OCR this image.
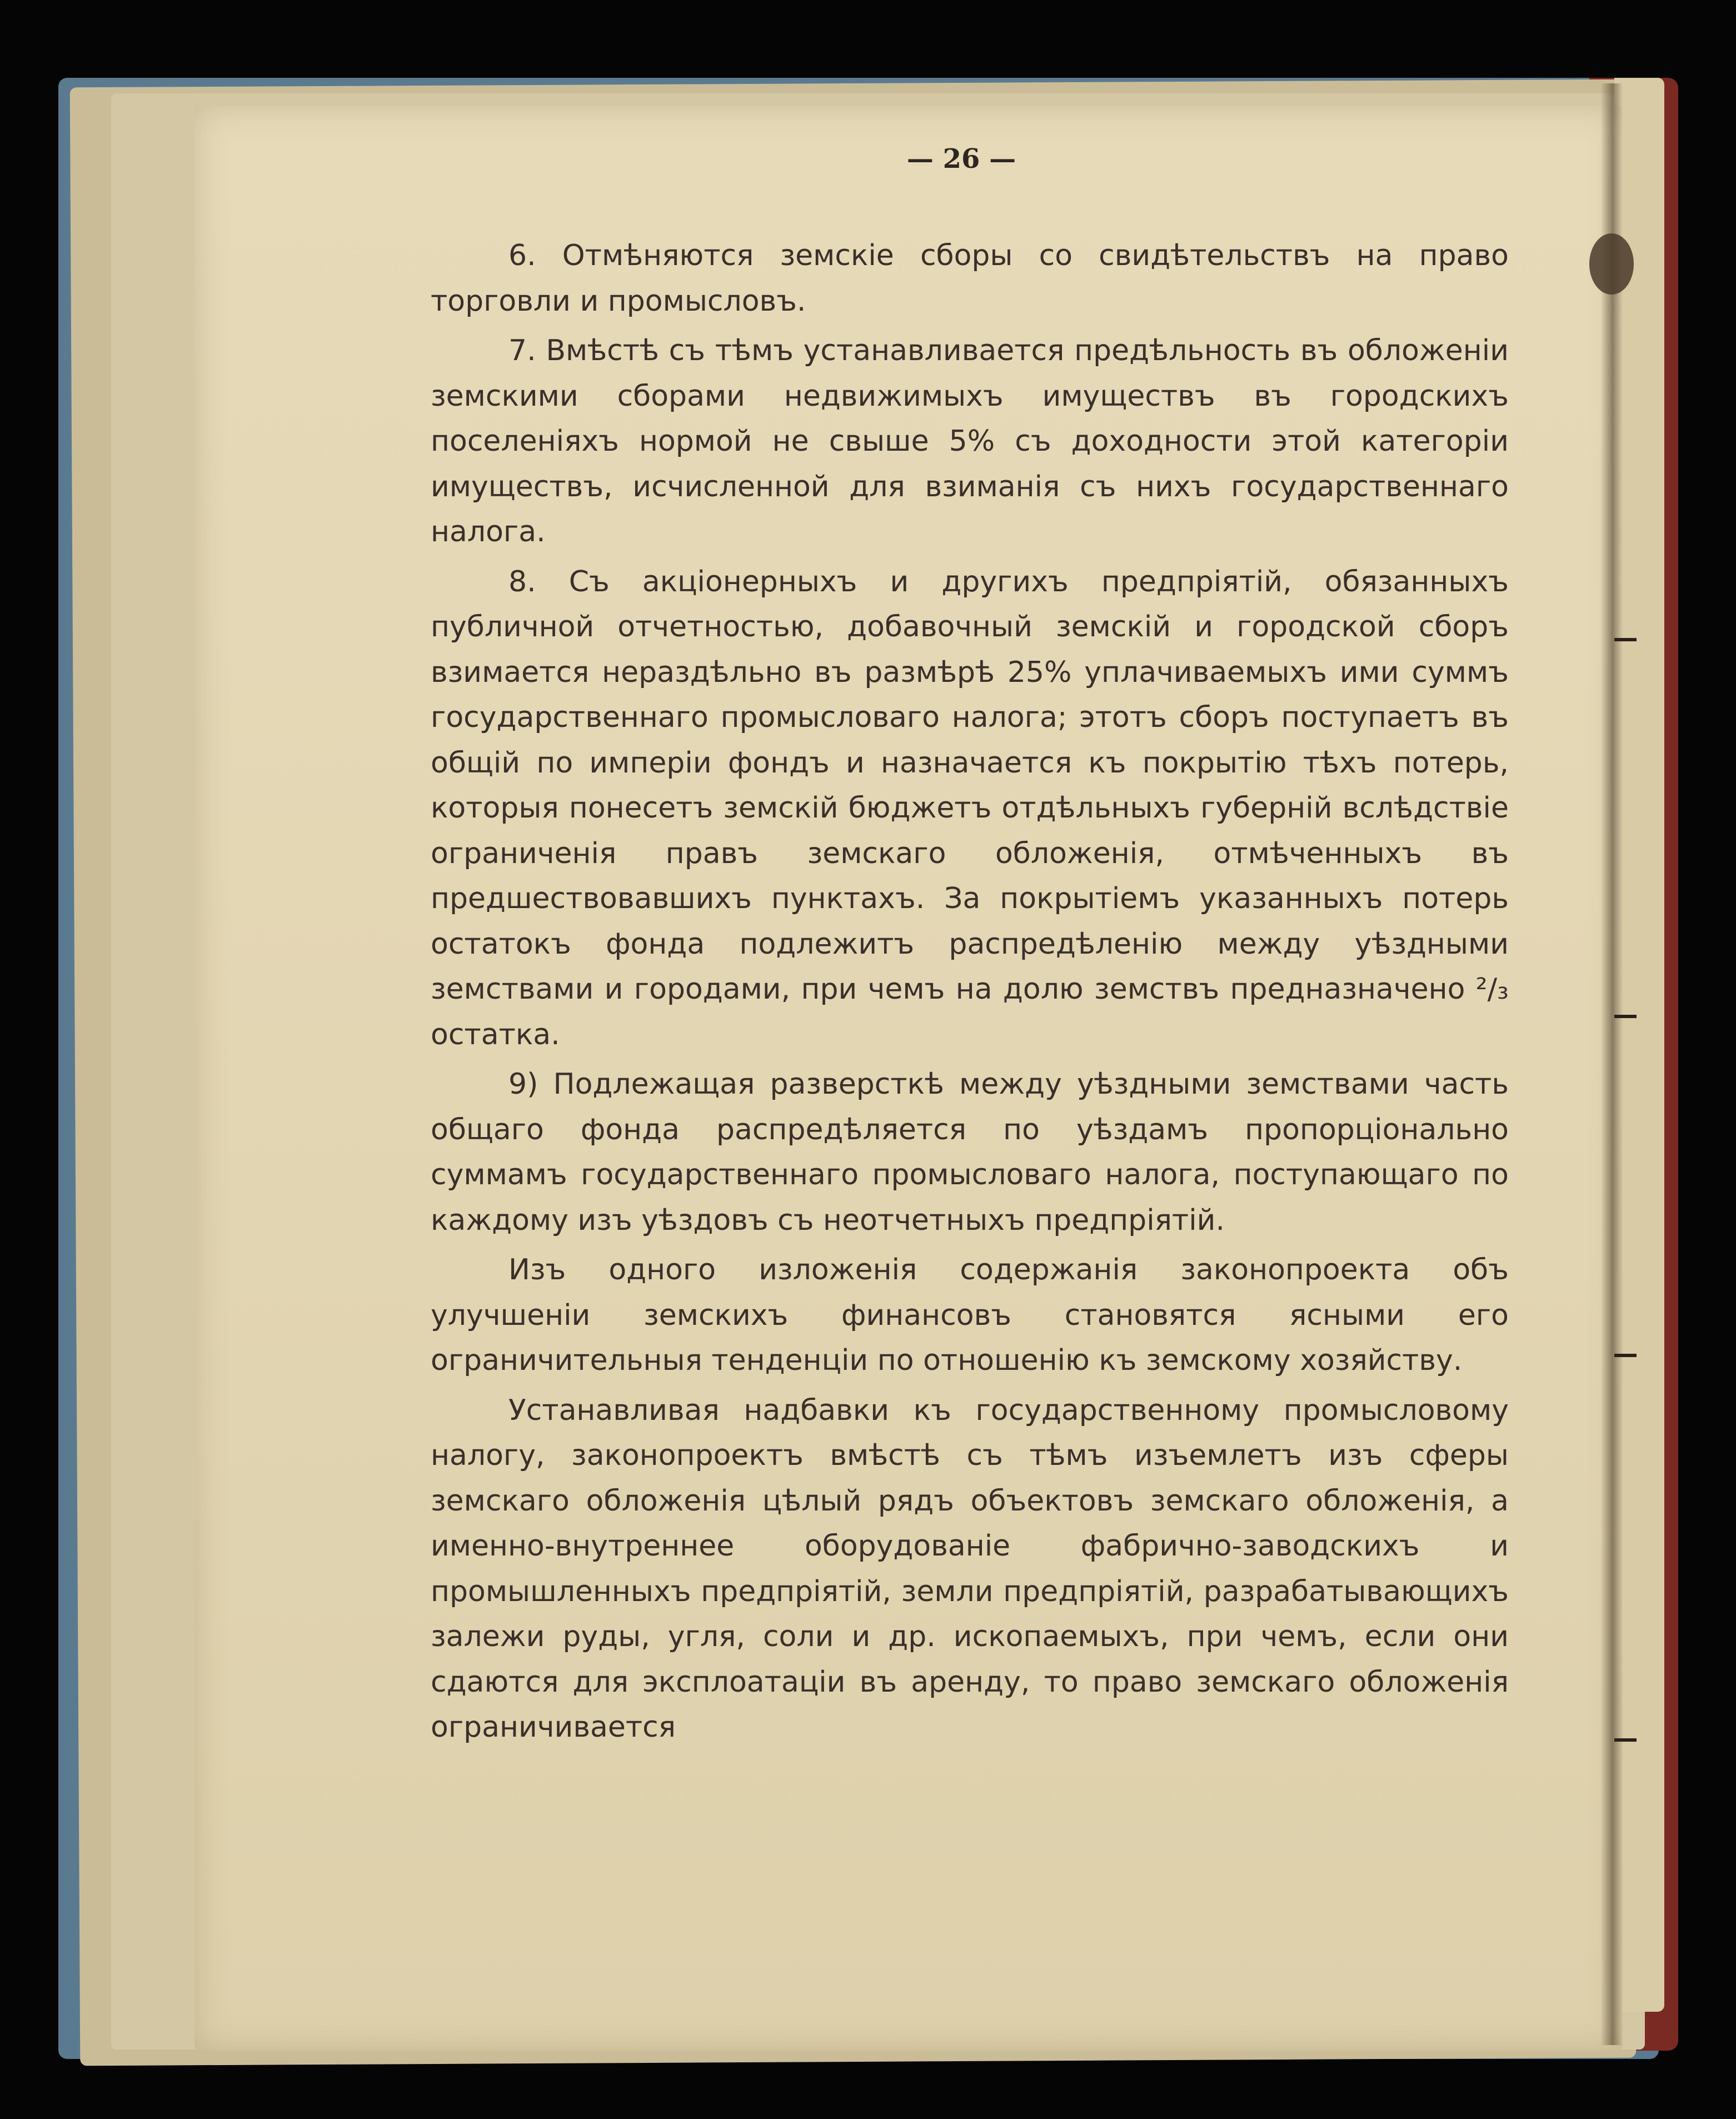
— 26 —

6. Отмѣняются земскіе сборы со свидѣтельствъ на право торговли и промысловъ.

7. Вмѣстѣ съ тѣмъ устанавливается предѣльность въ обложеніи земскими сборами недвижимыхъ имуществъ въ городскихъ поселеніяхъ нормой не свыше 5% съ доходности этой категоріи имуществъ, исчисленной для взиманія съ нихъ государственнаго налога.

8. Съ акціонерныхъ и другихъ предпріятій, обязанныхъ публичной отчетностью, добавочный земскій и городской сборъ взимается нераздѣльно въ размѣрѣ 25% уплачиваемыхъ ими суммъ государственнаго промысловаго налога; этотъ сборъ поступаетъ въ общій по имперіи фондъ и назначается къ покрытію тѣхъ потерь, которыя понесетъ земскій бюджетъ отдѣльныхъ губерній вслѣдствіе ограниченія правъ земскаго обложенія, отмѣченныхъ въ предшествовавшихъ пунктахъ. За покрытіемъ указанныхъ потерь остатокъ фонда подлежитъ распредѣленію между уѣздными земствами и городами, при чемъ на долю земствъ предназначено ²/₃ остатка.

9) Подлежащая разверсткѣ между уѣздными земствами часть общаго фонда распредѣляется по уѣздамъ пропорціонально суммамъ государственнаго промысловаго налога, поступающаго по каждому изъ уѣздовъ съ неотчетныхъ предпріятій.

Изъ одного изложенія содержанія законопроекта объ улучшеніи земскихъ финансовъ становятся ясными его ограничительныя тенденціи по отношенію къ земскому хозяйству.

Устанавливая надбавки къ государственному промысловому налогу, законопроектъ вмѣстѣ съ тѣмъ изъемлетъ изъ сферы земскаго обложенія цѣлый рядъ объектовъ земскаго обложенія, а именно-внутреннее оборудованіе фабрично-заводскихъ и промышленныхъ предпріятій, земли предпріятій, разрабатывающихъ залежи руды, угля, соли и др. ископаемыхъ, при чемъ, если они сдаются для эксплоатаціи въ аренду, то право земскаго обложенія ограничивается
